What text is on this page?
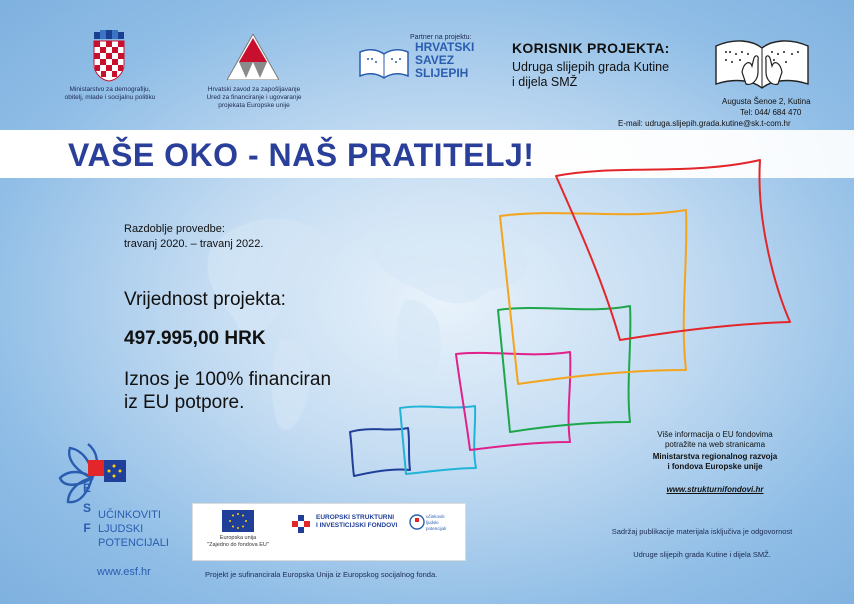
Ministarstvo za demografiju,
obitelj, mlade i socijalnu politiku
Hrvatski zavod za zapošljavanje
Ured za financiranje i ugovaranje
projekata Europske unije
Partner na projektu:
HRVATSKI
SAVEZ
SLIJEPIH
KORISNIK PROJEKTA:
Udruga slijepih grada Kutine
i dijela SMŽ
Augusta Šenoe 2, Kutina
Tel: 044/ 684 470
E-mail: udruga.slijepih.grada.kutine@sk.t-com.hr
VAŠE OKO - NAŠ PRATITELJ!
Razdoblje provedbe:
travanj 2020. – travanj 2022.
Vrijednost projekta:
497.995,00 HRK
Iznos je 100% financiran
iz EU potpore.
Više informacija o EU fondovima
potražite na web stranicama
Ministarstva regionalnog razvoja
i fondova Europske unije
www.strukturnifondovi.hr
ESF
UČINKOVITI
LJUDSKI
POTENCIJALI
www.esf.hr
Europska unija
"Zajedno do fondova EU"
EUROPSKI STRUKTURNI
I INVESTICIJSKI FONDOVI
učinkoviti ljudski potencijali
Projekt je sufinancirala Europska Unija iz Europskog socijalnog fonda.
Sadržaj publikacije materijala isključiva je odgovornost
Udruge slijepih grada Kutine i dijela SMŽ.
